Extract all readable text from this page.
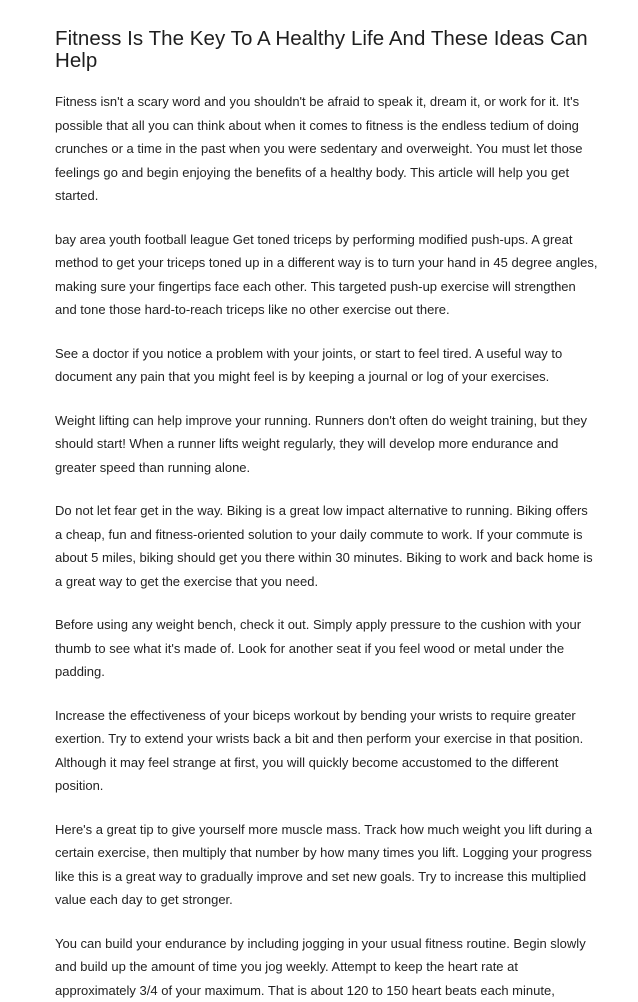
Fitness Is The Key To A Healthy Life And These Ideas Can Help

Fitness isn't a scary word and you shouldn't be afraid to speak it, dream it, or work for it. It's possible that all you can think about when it comes to fitness is the endless tedium of doing crunches or a time in the past when you were sedentary and overweight. You must let those feelings go and begin enjoying the benefits of a healthy body. This article will help you get started.

bay area youth football league Get toned triceps by performing modified push-ups. A great method to get your triceps toned up in a different way is to turn your hand in 45 degree angles, making sure your fingertips face each other. This targeted push-up exercise will strengthen and tone those hard-to-reach triceps like no other exercise out there.

See a doctor if you notice a problem with your joints, or start to feel tired. A useful way to document any pain that you might feel is by keeping a journal or log of your exercises.

Weight lifting can help improve your running. Runners don't often do weight training, but they should start! When a runner lifts weight regularly, they will develop more endurance and greater speed than running alone.

Do not let fear get in the way. Biking is a great low impact alternative to running. Biking offers a cheap, fun and fitness-oriented solution to your daily commute to work. If your commute is about 5 miles, biking should get you there within 30 minutes. Biking to work and back home is a great way to get the exercise that you need.

Before using any weight bench, check it out. Simply apply pressure to the cushion with your thumb to see what it's made of. Look for another seat if you feel wood or metal under the padding.

Increase the effectiveness of your biceps workout by bending your wrists to require greater exertion. Try to extend your wrists back a bit and then perform your exercise in that position. Although it may feel strange at first, you will quickly become accustomed to the different position.

Here's a great tip to give yourself more muscle mass. Track how much weight you lift during a certain exercise, then multiply that number by how many times you lift. Logging your progress like this is a great way to gradually improve and set new goals. Try to increase this multiplied value each day to get stronger.

You can build your endurance by including jogging in your usual fitness routine. Begin slowly and build up the amount of time you jog weekly. Attempt to keep the heart rate at approximately 3/4 of your maximum. That is about 120 to 150 heart beats each minute,
